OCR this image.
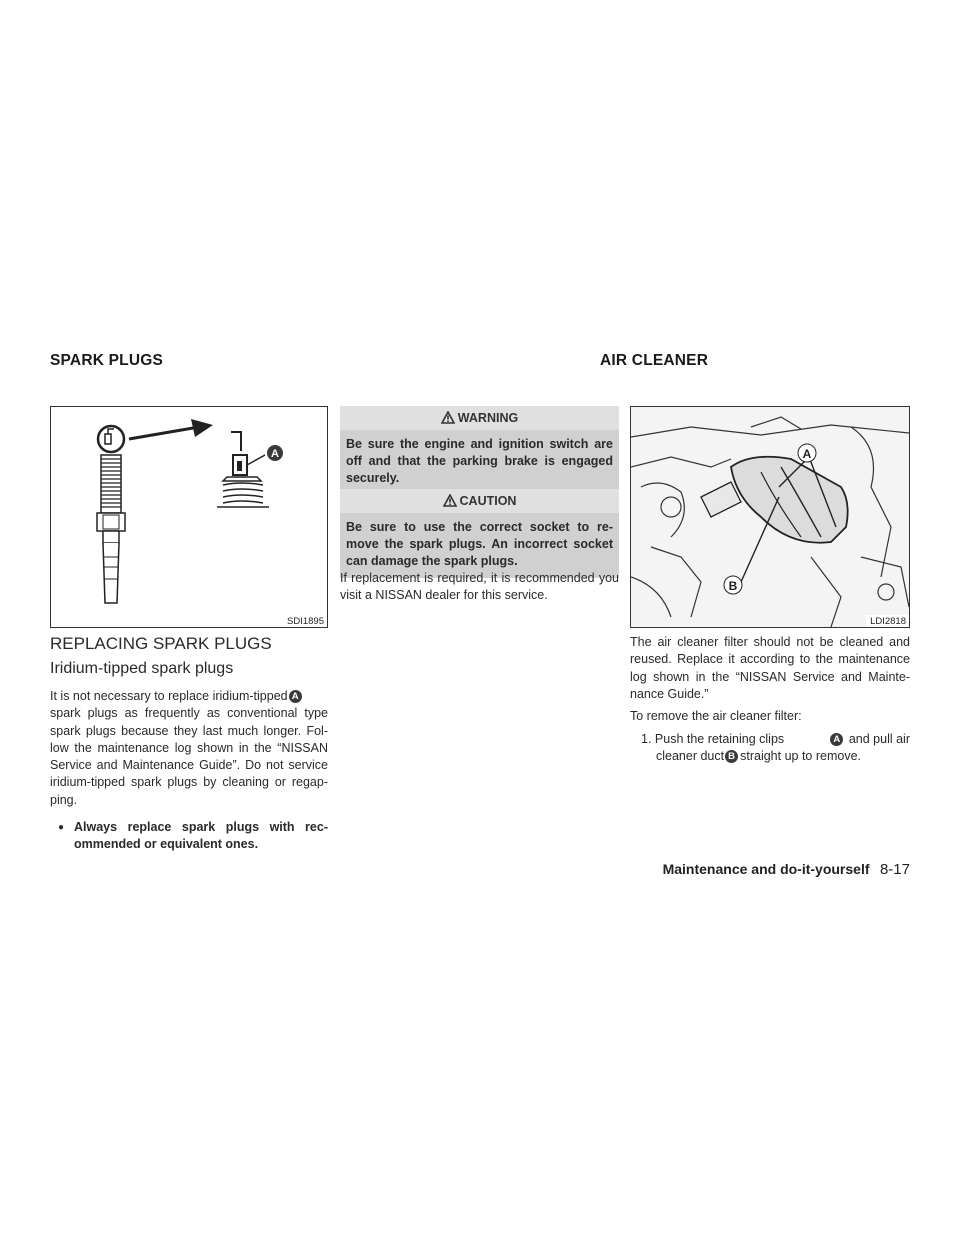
SPARK PLUGS	AIR CLEANER
A
SDI1895
REPLACING SPARK PLUGS
Iridium-tipped spark plugs
It is not necessary to replace iridium-tipped A
spark plugs as frequently as conventional type
spark plugs because they last much longer. Fol-
low the maintenance log shown in the “NISSAN
Service and Maintenance Guide”. Do not service
iridium-tipped spark plugs by cleaning or regap-
ping.
● Always replace spark plugs with rec-
ommended or equivalent ones.
WARNING
Be sure the engine and ignition switch are
off and that the parking brake is engaged
securely.
CAUTION
Be sure to use the correct socket to re-
move the spark plugs. An incorrect socket
can damage the spark plugs.
If replacement is required, it is recommended you
visit a NISSAN dealer for this service.
A
B
LDI2818
The air cleaner filter should not be cleaned and
reused. Replace it according to the maintenance
log shown in the “NISSAN Service and Mainte-
nance Guide.”
To remove the air cleaner filter:
1. Push the retaining clips	A and pull air
cleaner duct B straight up to remove.
Maintenance and do-it-yourself 8-17
